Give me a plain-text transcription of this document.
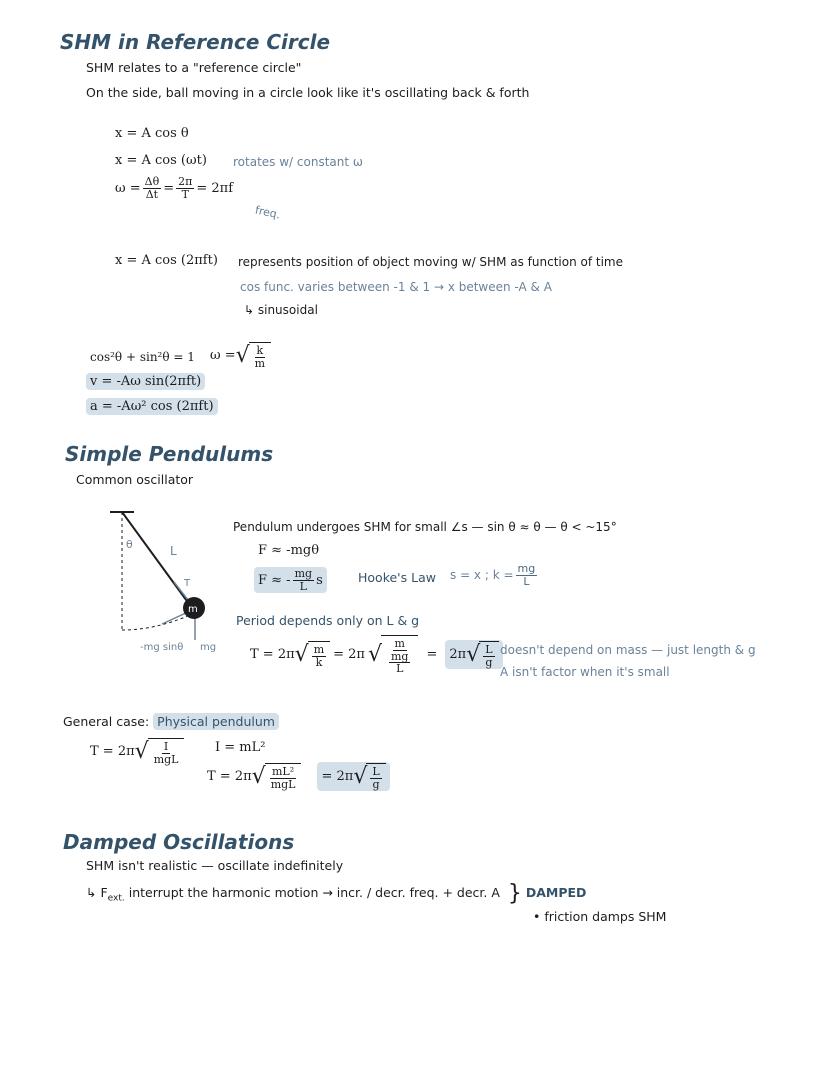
SHM in Reference Circle
SHM relates to a "reference circle"
On the side, ball moving in a circle look like it's oscillating back & forth
x = A cos θ
x = A cos (ωt) rotates w/ constant ω
$\omega = \frac{\Delta\theta}{\Delta t} = \frac{2\pi}{T} = 2\pi f$
freq.
x = A cos (2πft) represents position of object moving w/ SHM as function of time
cos func. varies between -1 & 1 → x between -A & A
↳ sinusoidal
cos²θ + sin²θ = 1 ω = √ $\frac{k}{m}$
v = -Aω sin(2πft)
a = -Aω² cos (2πft)
Simple Pendulums
Common oscillator
θ	L
T
m
-mg sinθ mg
Pendulum undergoes SHM for small ∠s — sin θ ≈ θ — θ < ~15°
F ≈ -mgθ
F ≈ - $\frac{mg}{L}$ s	Hooke's Law s = x ; $k = \frac{mg}{L}$
Period depends only on L & g
T = 2π √ $\frac{m}{k} = 2\pi$ √ $\frac{m}{\frac{mg}{L}} = 2\pi$ √ $\frac{L}{g}$ doesn't depend on mass — just length & g
A isn't factor when it's small
General case: Physical pendulum
T = 2π √ $\frac{I}{\text{mgL}}$	I = mL²
T = 2π √ $\frac{\text{mL²}}{\text{mgL}} = 2\pi$ √ $\frac{L}{g}$
Damped Oscillations
SHM isn't realistic — oscillate indefinitely
↳ $F_{ext.}$ interrupt the harmonic motion → incr. / decr. freq. + decr. A } DAMPED
• friction damps SHM
